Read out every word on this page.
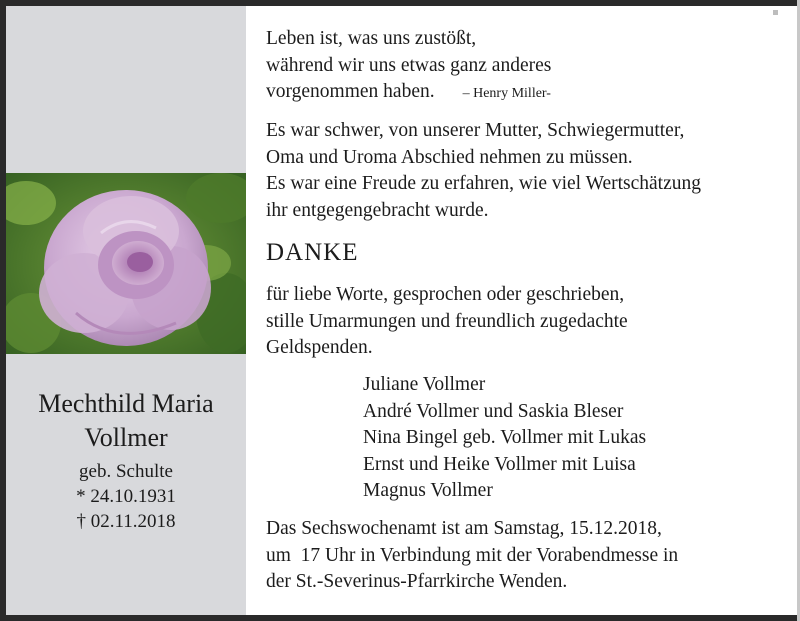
Mechthild Maria
Vollmer
geb. Schulte
* 24.10.1931
† 02.11.2018
Leben ist, was uns zustößt,
während wir uns etwas ganz anderes
vorgenommen haben. – Henry Miller-
Es war schwer, von unserer Mutter, Schwiegermutter,
Oma und Uroma Abschied nehmen zu müssen.
Es war eine Freude zu erfahren, wie viel Wertschätzung
ihr entgegengebracht wurde.
DANKE
für liebe Worte, gesprochen oder geschrieben,
stille Umarmungen und freundlich zugedachte
Geldspenden.
Juliane Vollmer
André Vollmer und Saskia Bleser
Nina Bingel geb. Vollmer mit Lukas
Ernst und Heike Vollmer mit Luisa
Magnus Vollmer
Das Sechswochenamt ist am Samstag, 15.12.2018,
um  17 Uhr in Verbindung mit der Vorabendmesse in
der St.-Severinus-Pfarrkirche Wenden.
